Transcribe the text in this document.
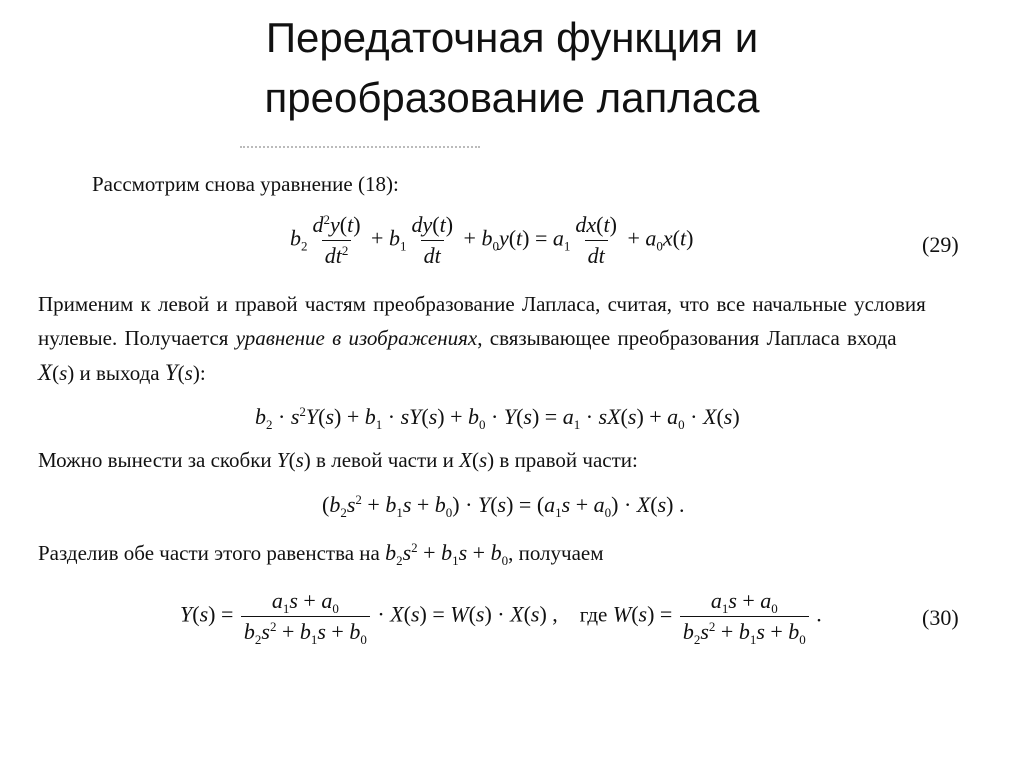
Передаточная функция и
преобразование лапласа
Рассмотрим снова уравнение (18):
$b_2 \frac{d^2y(t)}{dt^2} + b_1 \frac{dy(t)}{dt} + b_0y(t) = a_1 \frac{dx(t)}{dt} + a_0x(t)$	(29)
Применим к левой и правой частям преобразование Лапласа, считая, что все начальные условия
нулевые. Получается уравнение в изображениях, связывающее преобразования Лапласа входа
X(s) и выхода Y(s):
$b_2 \cdot s^2Y(s) + b_1 \cdot sY(s) + b_0 \cdot Y(s) = a_1 \cdot sX(s) + a_0 \cdot X(s)$
Можно вынести за скобки Y(s) в левой части и X(s) в правой части:
$(b_2s^2 + b_1s + b_0) \cdot Y(s) = (a_1s + a_0) \cdot X(s)$ .
Разделив обе части этого равенства на $b_2s^2 + b_1s + b_0$, получаем
$Y(s) = \frac{a_1s + a_0}{b_2s^2 + b_1s + b_0} \cdot X(s) = W(s) \cdot X(s)$ ,    где $W(s) = \frac{a_1s + a_0}{b_2s^2 + b_1s + b_0}$ .	(30)
